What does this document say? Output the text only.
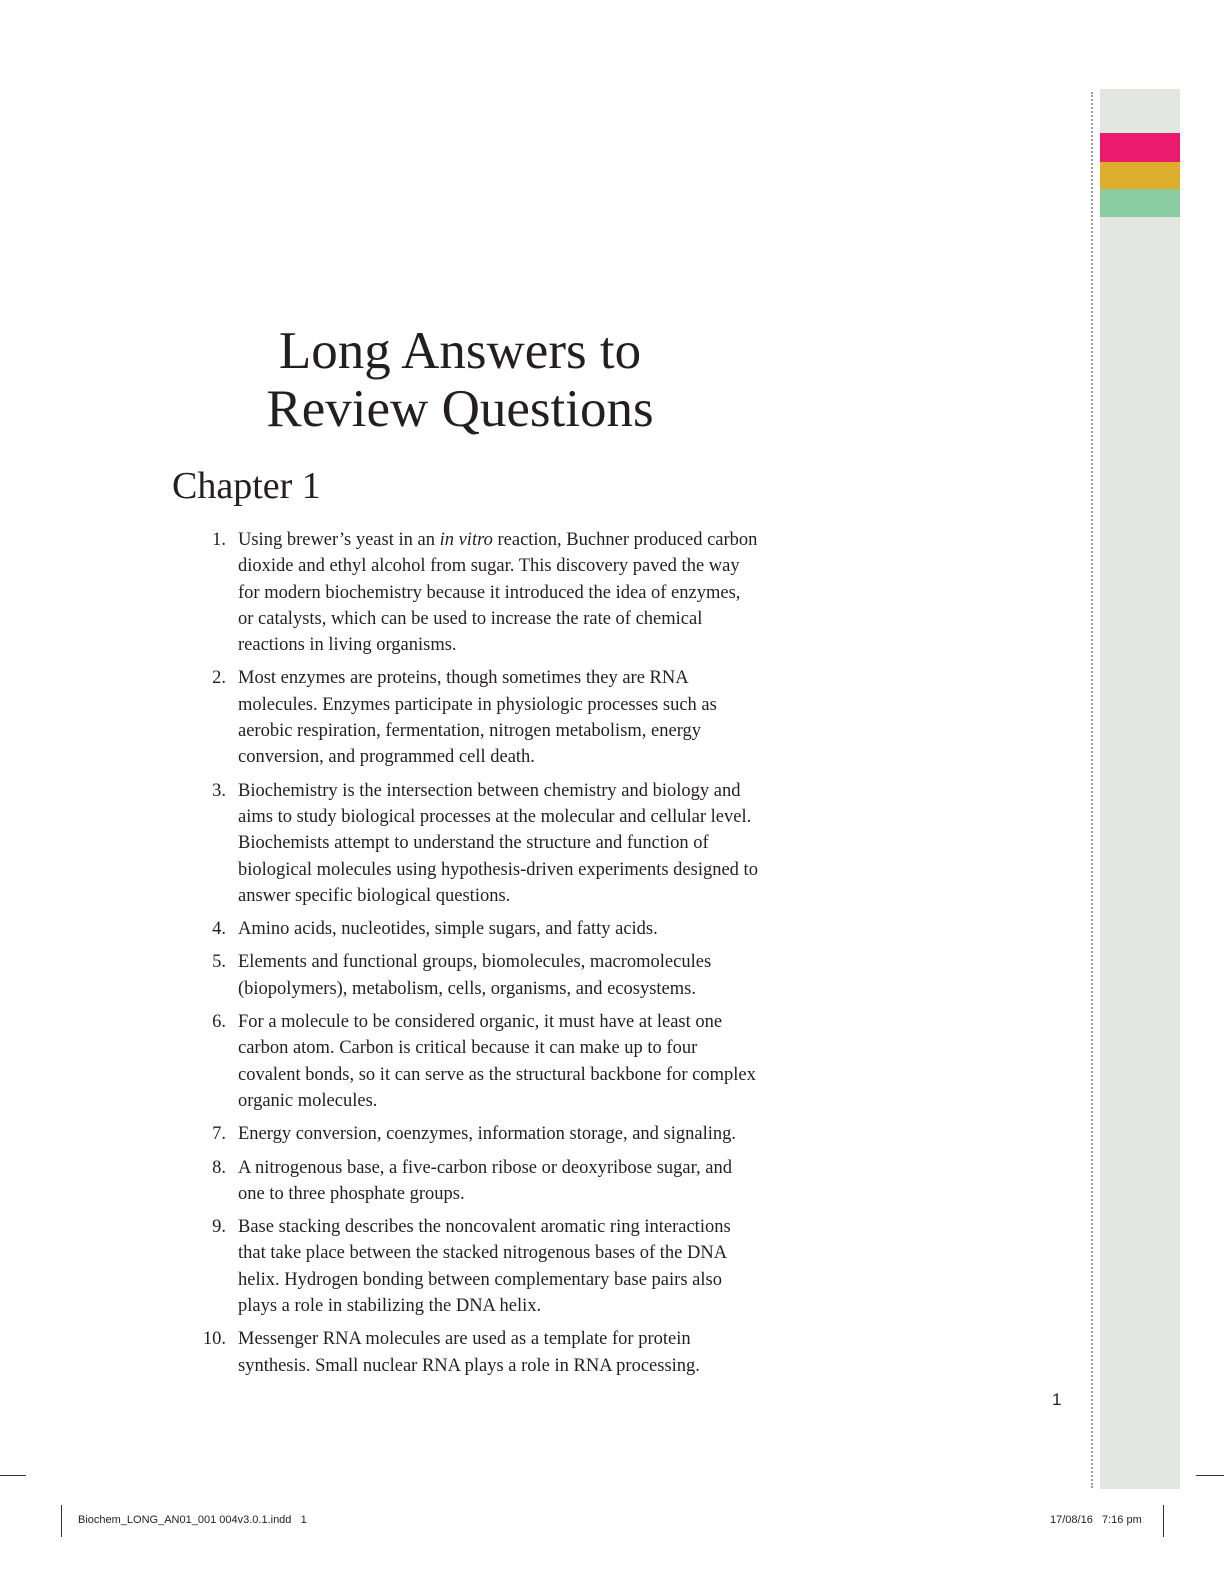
Long Answers to
Review Questions
Chapter 1
1. Using brewer’s yeast in an in vitro reaction, Buchner produced carbon dioxide and ethyl alcohol from sugar. This discovery paved the way for modern biochemistry because it introduced the idea of enzymes, or catalysts, which can be used to increase the rate of chemical reactions in living organisms.
2. Most enzymes are proteins, though sometimes they are RNA molecules. Enzymes participate in physiologic processes such as aerobic respiration, fermentation, nitrogen metabolism, energy conversion, and programmed cell death.
3. Biochemistry is the intersection between chemistry and biology and aims to study biological processes at the molecular and cellular level. Biochemists attempt to understand the structure and function of biological molecules using hypothesis-driven experiments designed to answer specific biological questions.
4. Amino acids, nucleotides, simple sugars, and fatty acids.
5. Elements and functional groups, biomolecules, macromolecules (biopolymers), metabolism, cells, organisms, and ecosystems.
6. For a molecule to be considered organic, it must have at least one carbon atom. Carbon is critical because it can make up to four covalent bonds, so it can serve as the structural backbone for complex organic molecules.
7. Energy conversion, coenzymes, information storage, and signaling.
8. A nitrogenous base, a five-carbon ribose or deoxyribose sugar, and one to three phosphate groups.
9. Base stacking describes the noncovalent aromatic ring interactions that take place between the stacked nitrogenous bases of the DNA helix. Hydrogen bonding between complementary base pairs also plays a role in stabilizing the DNA helix.
10. Messenger RNA molecules are used as a template for protein synthesis. Small nuclear RNA plays a role in RNA processing.
1
Biochem_LONG_AN01_001 004v3.0.1.indd   1	17/08/16   7:16 pm
